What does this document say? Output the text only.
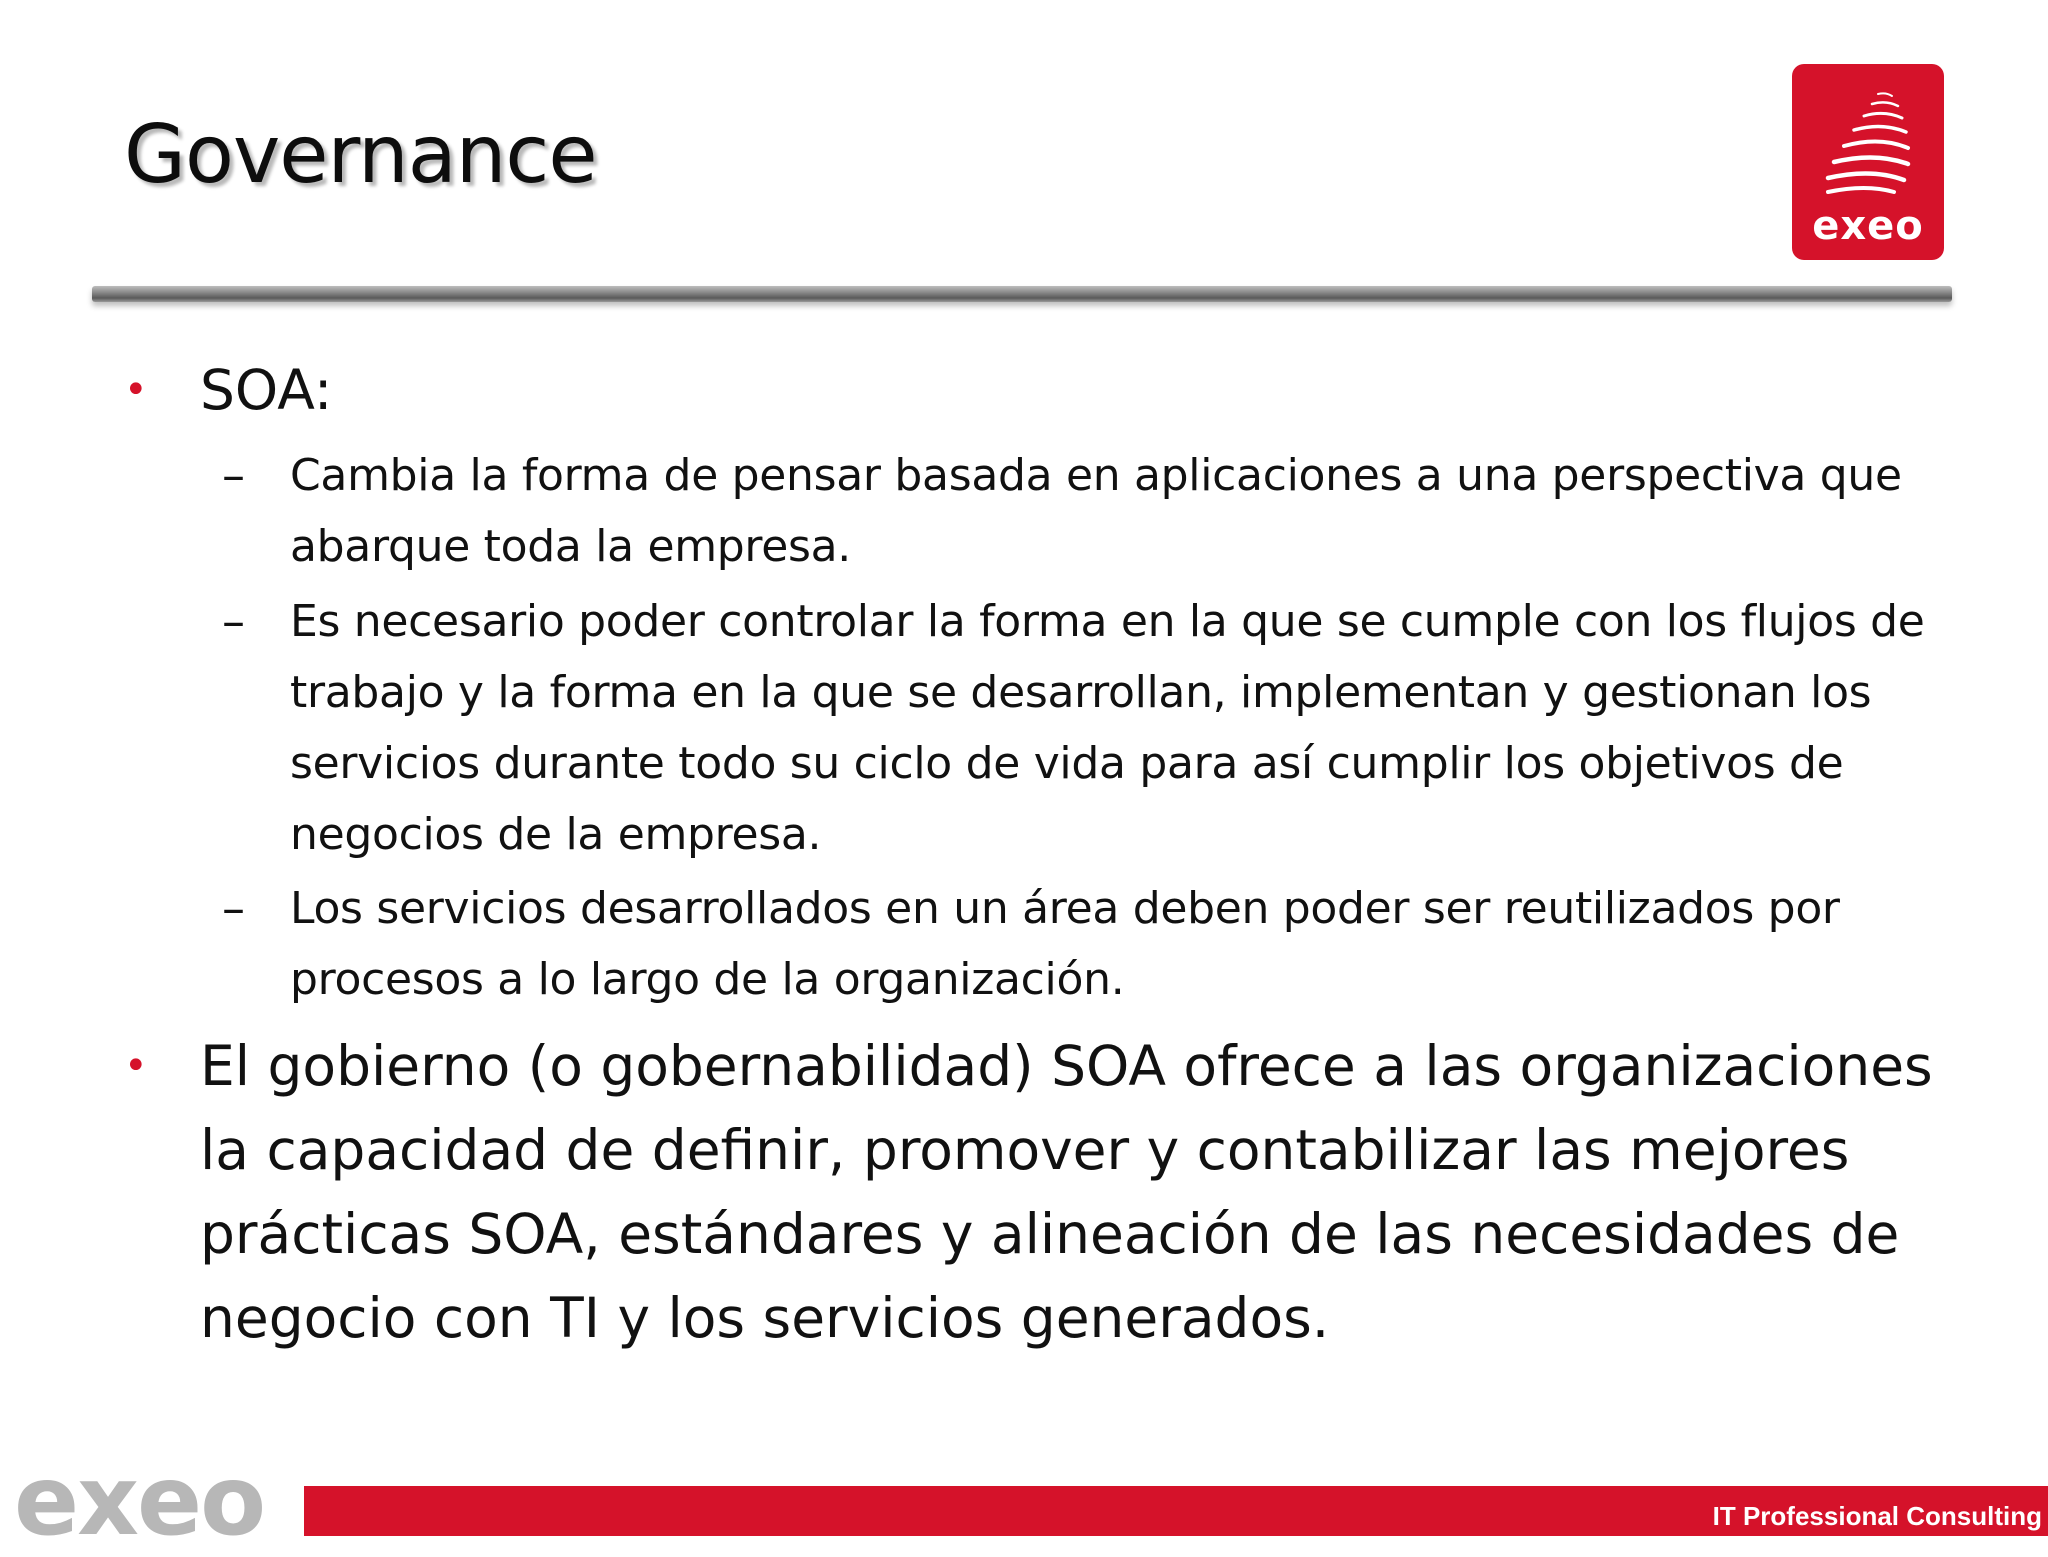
Governance
exeo
• SOA:
– Cambia la forma de pensar basada en aplicaciones a una perspectiva que abarque toda la empresa.
– Es necesario poder controlar la forma en la que se cumple con los flujos de trabajo y la forma en la que se desarrollan, implementan y gestionan los servicios durante todo su ciclo de vida para así cumplir los objetivos de negocios de la empresa.
– Los servicios desarrollados en un área deben poder ser reutilizados por procesos a lo largo de la organización.
• El gobierno (o gobernabilidad) SOA ofrece a las organizaciones la capacidad de definir, promover y contabilizar las mejores prácticas SOA, estándares y alineación de las necesidades de negocio con TI y los servicios generados.
exeo	IT Professional Consulting
